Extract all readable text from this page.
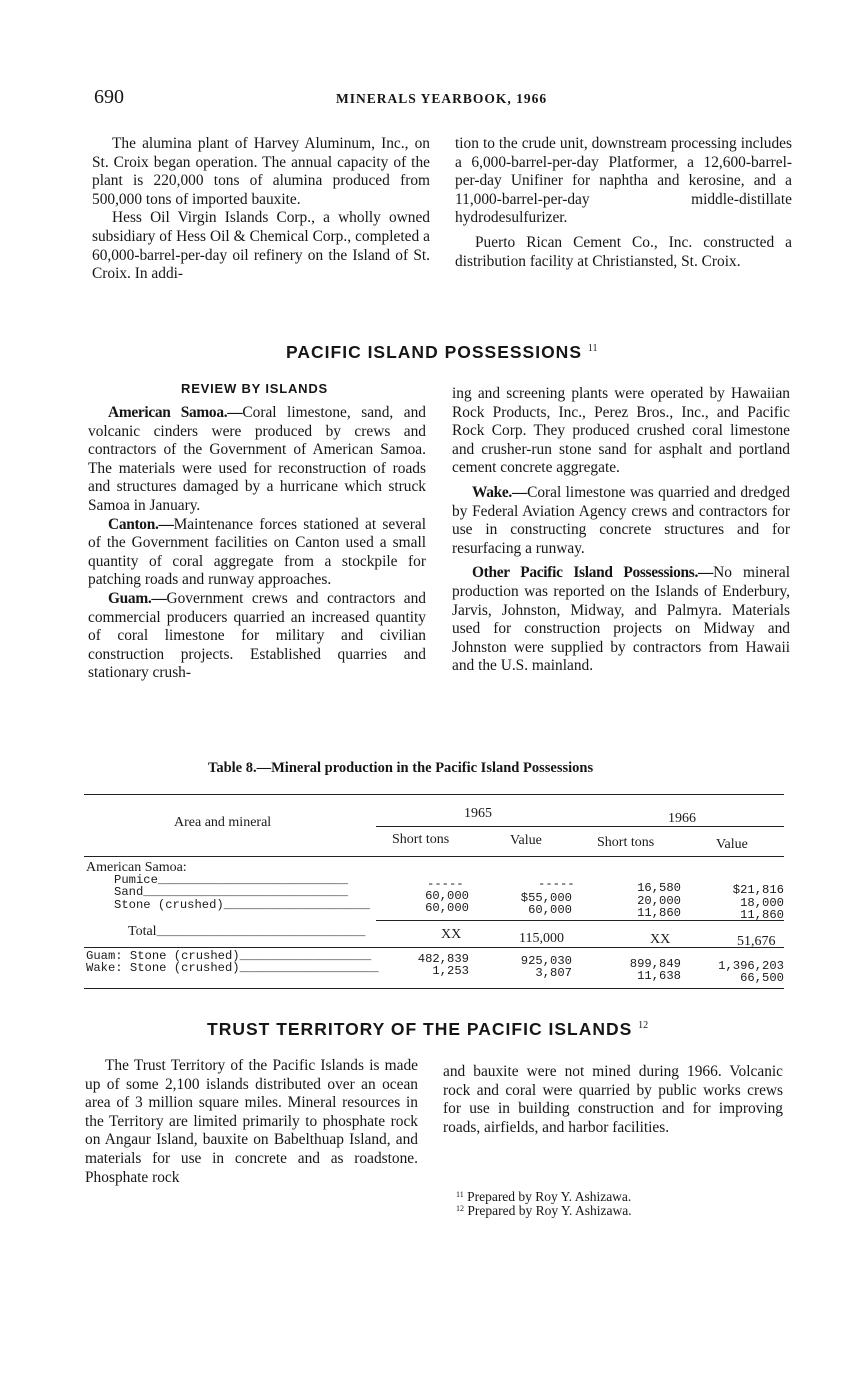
690	MINERALS YEARBOOK, 1966

The alumina plant of Harvey Aluminum, Inc., on St. Croix began operation. The annual capacity of the plant is 220,000 tons of alumina produced from 500,000 tons of imported bauxite.

Hess Oil Virgin Islands Corp., a wholly owned subsidiary of Hess Oil & Chemical Corp., completed a 60,000-barrel-per-day oil refinery on the Island of St. Croix. In addi-

tion to the crude unit, downstream processing includes a 6,000-barrel-per-day Platformer, a 12,600-barrel-per-day Unifiner for naphtha and kerosine, and a 11,000-barrel-per-day middle-distillate hydrodesulfurizer.

Puerto Rican Cement Co., Inc. constructed a distribution facility at Christiansted, St. Croix.

PACIFIC ISLAND POSSESSIONS $^{11}$
REVIEW BY ISLANDS

American Samoa.—Coral limestone, sand, and volcanic cinders were produced by crews and contractors of the Government of American Samoa. The materials were used for reconstruction of roads and structures damaged by a hurricane which struck Samoa in January.

Canton.—Maintenance forces stationed at several of the Government facilities on Canton used a small quantity of coral aggregate from a stockpile for patching roads and runway approaches.

Guam.—Government crews and contractors and commercial producers quarried an increased quantity of coral limestone for military and civilian construction projects. Established quarries and stationary crush-

ing and screening plants were operated by Hawaiian Rock Products, Inc., Perez Bros., Inc., and Pacific Rock Corp. They produced crushed coral limestone and crusher-run stone sand for asphalt and portland cement concrete aggregate.

Wake.—Coral limestone was quarried and dredged by Federal Aviation Agency crews and contractors for use in constructing concrete structures and for resurfacing a runway.

Other Pacific Island Possessions.—No mineral production was reported on the Islands of Enderbury, Jarvis, Johnston, Midway, and Palmyra. Materials used for construction projects on Midway and Johnston were supplied by contractors from Hawaii and the U.S. mainland.

Table 8.—Mineral production in the Pacific Island Possessions
Area and mineral
1965	1966
Short tons	Value	Short tons	Value
American Samoa:
Pumice__________________________	-----	-----	16,580	$21,816
Sand____________________________	60,000	$55,000	20,000	18,000
Stone (crushed)____________________	60,000	60,000	11,860	11,860
Total_____________________________	XX	115,000	XX	51,676
Guam: Stone (crushed)__________________	482,839	925,030	899,849	1,396,203
Wake: Stone (crushed)___________________	1,253	3,807	11,638	66,500
TRUST TERRITORY OF THE PACIFIC ISLANDS $^{12}$

The Trust Territory of the Pacific Islands is made up of some 2,100 islands distributed over an ocean area of 3 million square miles. Mineral resources in the Territory are limited primarily to phosphate rock on Angaur Island, bauxite on Babelthuap Island, and materials for use in concrete and as roadstone. Phosphate rock

and bauxite were not mined during 1966. Volcanic rock and coral were quarried by public works crews for use in building construction and for improving roads, airfields, and harbor facilities.

$^{11}$ Prepared by Roy Y. Ashizawa.
$^{12}$ Prepared by Roy Y. Ashizawa.
